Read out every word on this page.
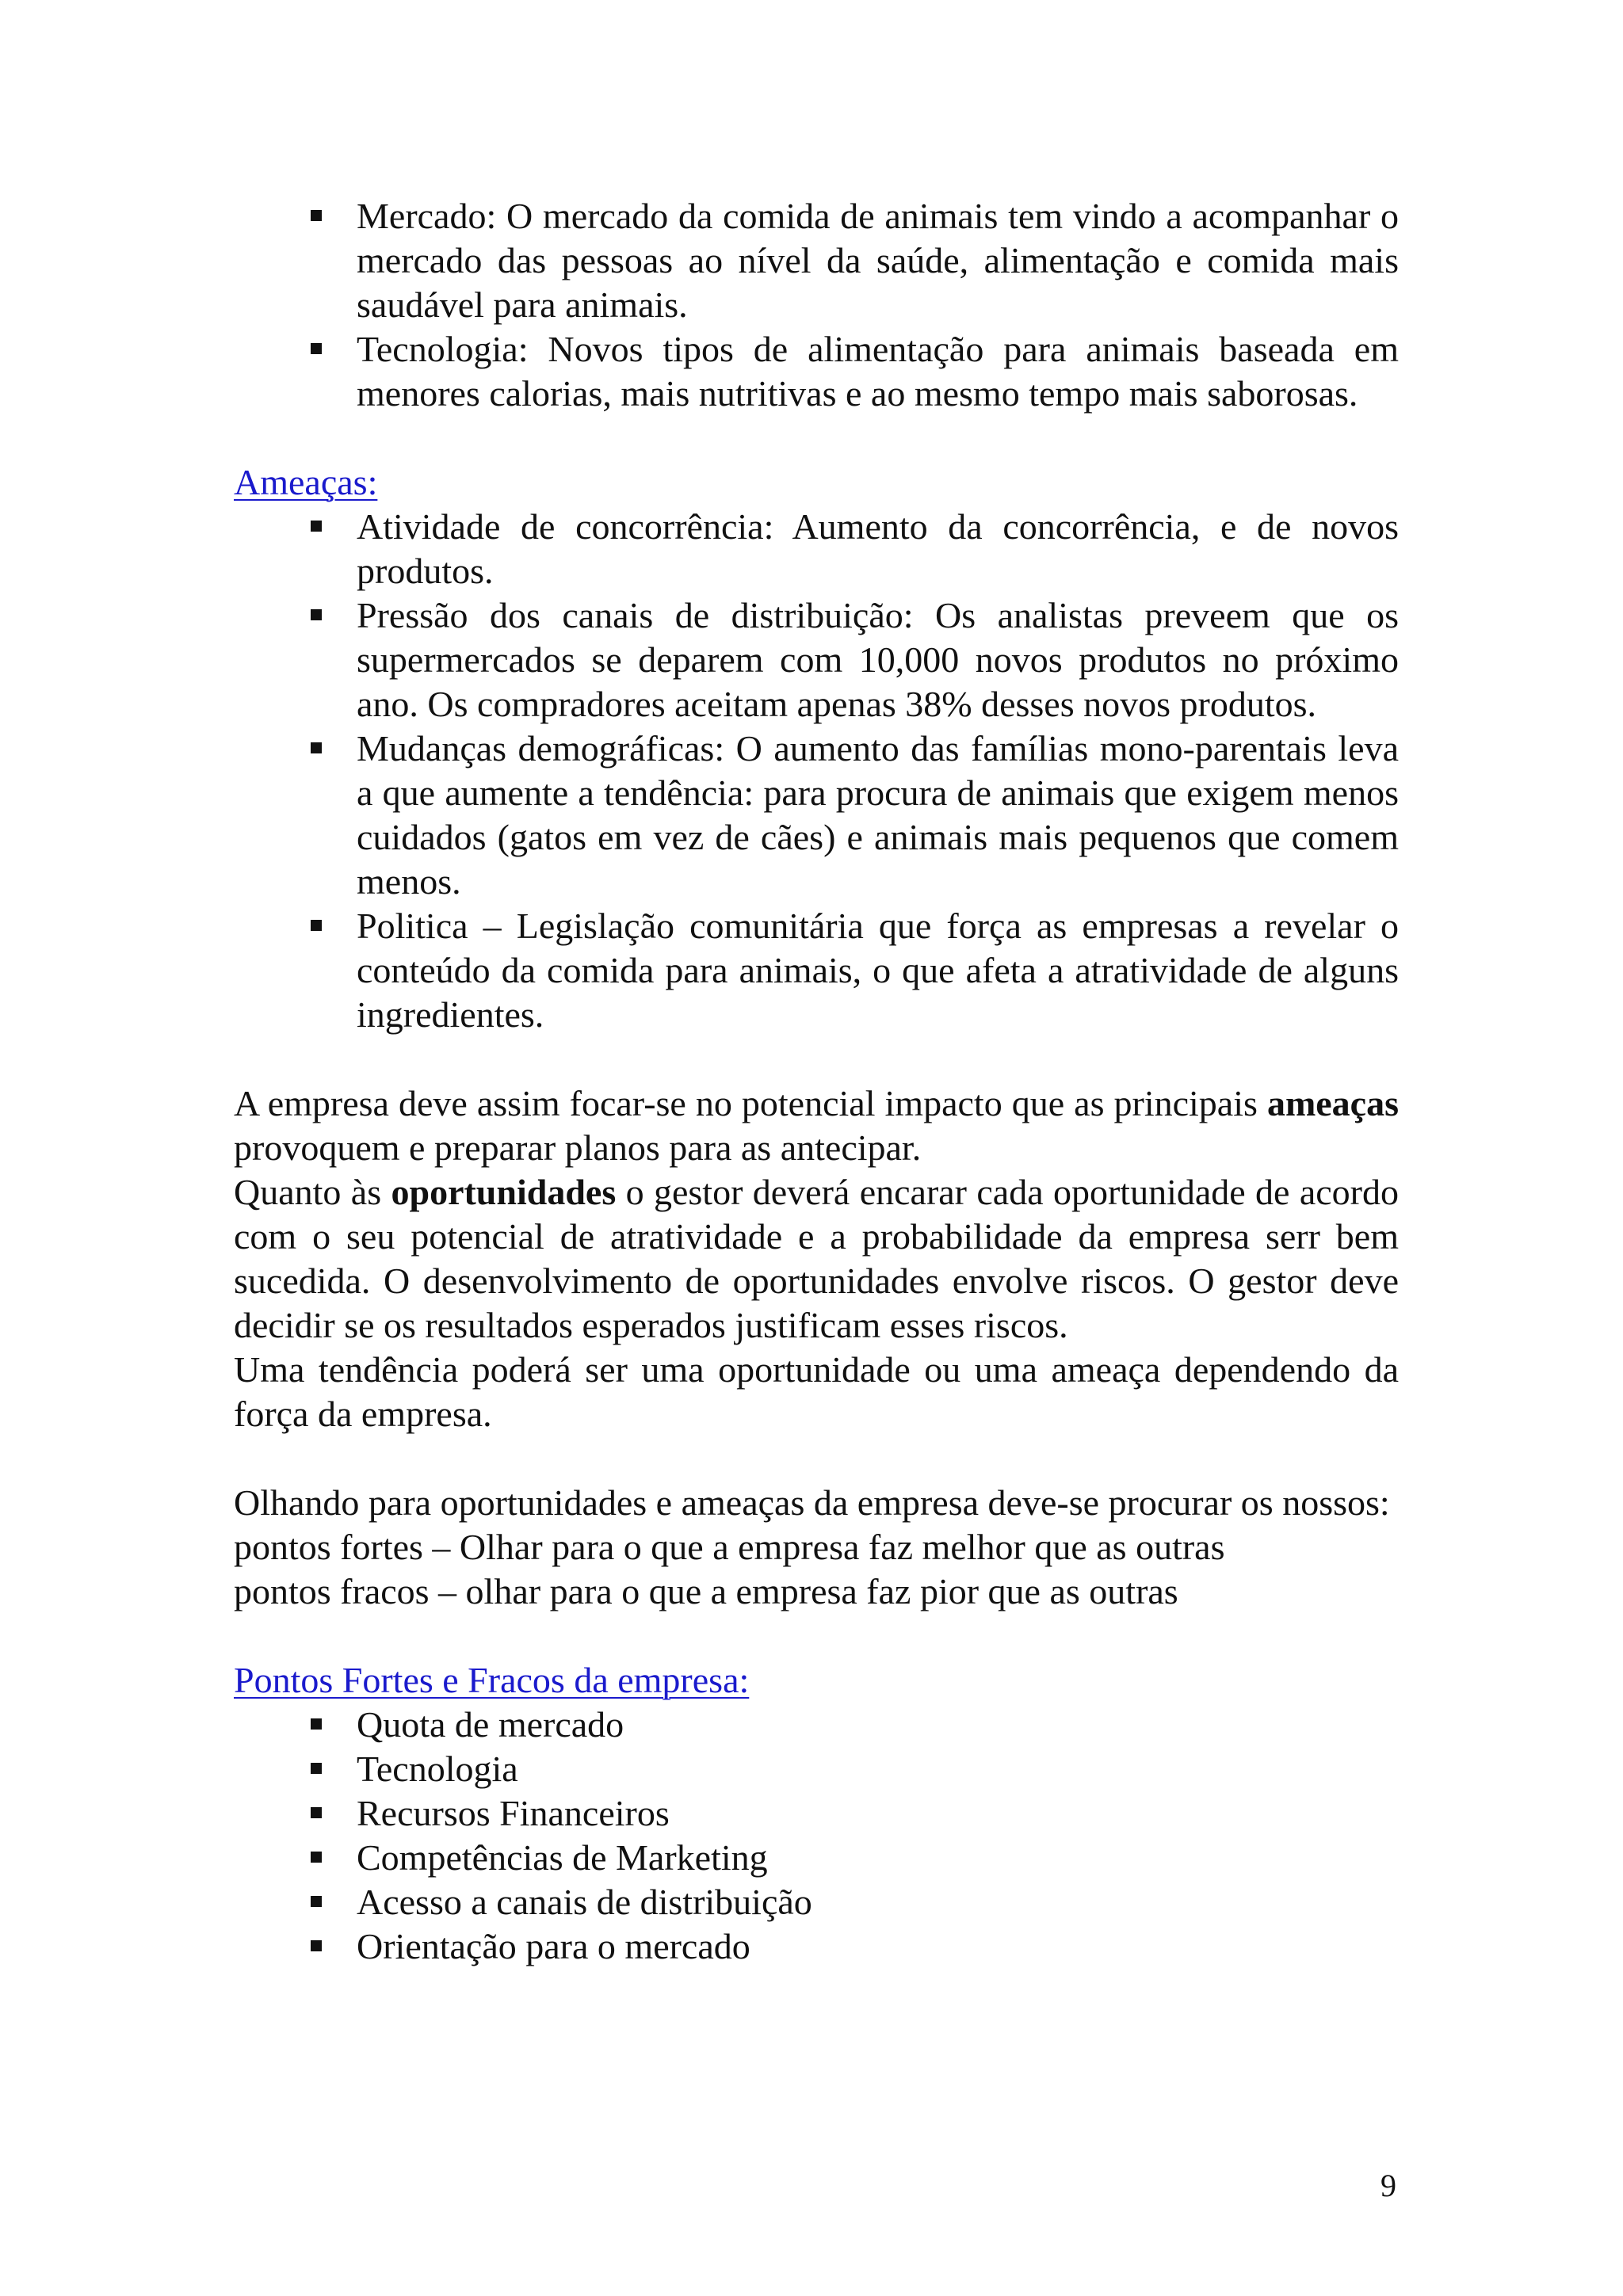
Mercado: O mercado da comida de animais tem vindo a acompanhar o mercado das pessoas ao nível da saúde, alimentação e comida mais saudável para animais.
Tecnologia: Novos tipos de alimentação para animais baseada em menores calorias, mais nutritivas e ao mesmo tempo mais saborosas.
Ameaças:
Atividade de concorrência: Aumento da concorrência, e de novos produtos.
Pressão dos canais de distribuição: Os analistas preveem que os supermercados se deparem com 10,000 novos produtos no próximo ano. Os compradores aceitam apenas 38% desses novos produtos.
Mudanças demográficas: O aumento das famílias mono-parentais leva a que aumente a tendência: para procura de animais que exigem menos cuidados (gatos em vez de cães) e animais mais pequenos que comem menos.
Politica – Legislação comunitária que força as empresas a revelar o conteúdo da comida para animais, o que afeta a atratividade de alguns ingredientes.

A empresa deve assim focar-se no potencial impacto que as principais ameaças provoquem e preparar planos para as antecipar.

Quanto às oportunidades o gestor deverá encarar cada oportunidade de acordo com o seu potencial de atratividade e a probabilidade da empresa serr bem sucedida. O desenvolvimento de oportunidades envolve riscos. O gestor deve decidir se os resultados esperados justificam esses riscos.

Uma tendência poderá ser uma oportunidade ou uma ameaça dependendo da força da empresa.

Olhando para oportunidades e ameaças da empresa deve-se procurar os nossos:

pontos fortes – Olhar para o que a empresa faz melhor que as outras

pontos fracos – olhar para o que a empresa faz pior que as outras

Pontos Fortes e Fracos da empresa:
Quota de mercado
Tecnologia
Recursos Financeiros
Competências de Marketing
Acesso a canais de distribuição
Orientação para o mercado
9
